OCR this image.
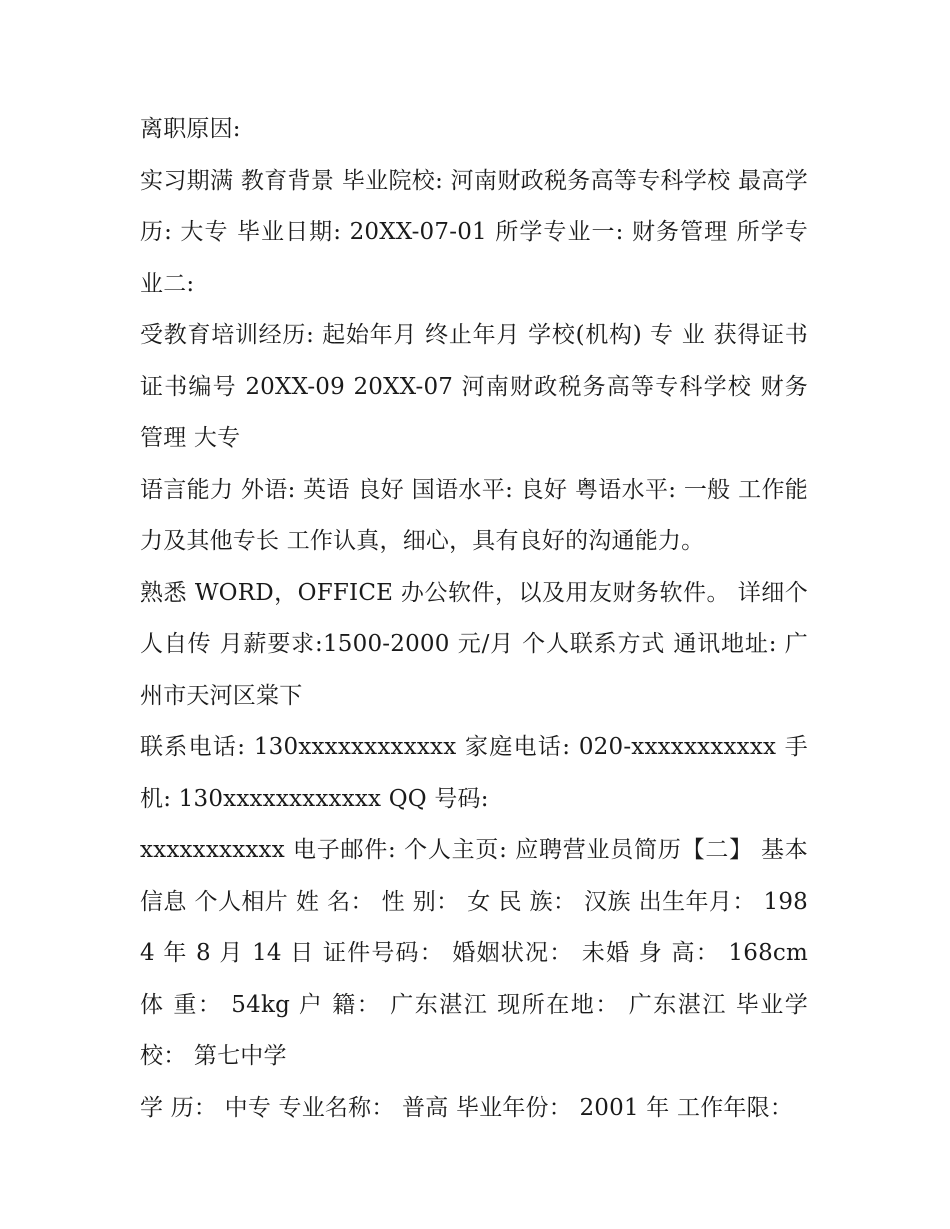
离职原因:

实习期满 教育背景 毕业院校: 河南财政税务高等专科学校 最高学历: 大专 毕业日期: 20XX-07-01 所学专业一: 财务管理 所学专业二:

受教育培训经历: 起始年月 终止年月 学校(机构) 专 业 获得证书 证书编号 20XX-09 20XX-07 河南财政税务高等专科学校 财务管理 大专

语言能力 外语: 英语 良好 国语水平: 良好 粤语水平: 一般 工作能力及其他专长 工作认真，细心，具有良好的沟通能力。

熟悉 WORD，OFFICE 办公软件，以及用友财务软件。 详细个人自传 月薪要求:1500-2000 元/月 个人联系方式 通讯地址: 广州市天河区棠下

联系电话: 130xxxxxxxxxxxx 家庭电话: 020-xxxxxxxxxxx 手 机: 130xxxxxxxxxxxx QQ 号码:

xxxxxxxxxxx 电子邮件: 个人主页: 应聘营业员简历【二】 基本信息 个人相片 姓 名： 性 别： 女 民 族： 汉族 出生年月： 1984 年 8 月 14 日 证件号码： 婚姻状况： 未婚 身 高： 168cm 体 重： 54kg 户 籍： 广东湛江 现所在地： 广东湛江 毕业学校： 第七中学

学 历： 中专 专业名称： 普高 毕业年份： 2001 年 工作年限：
